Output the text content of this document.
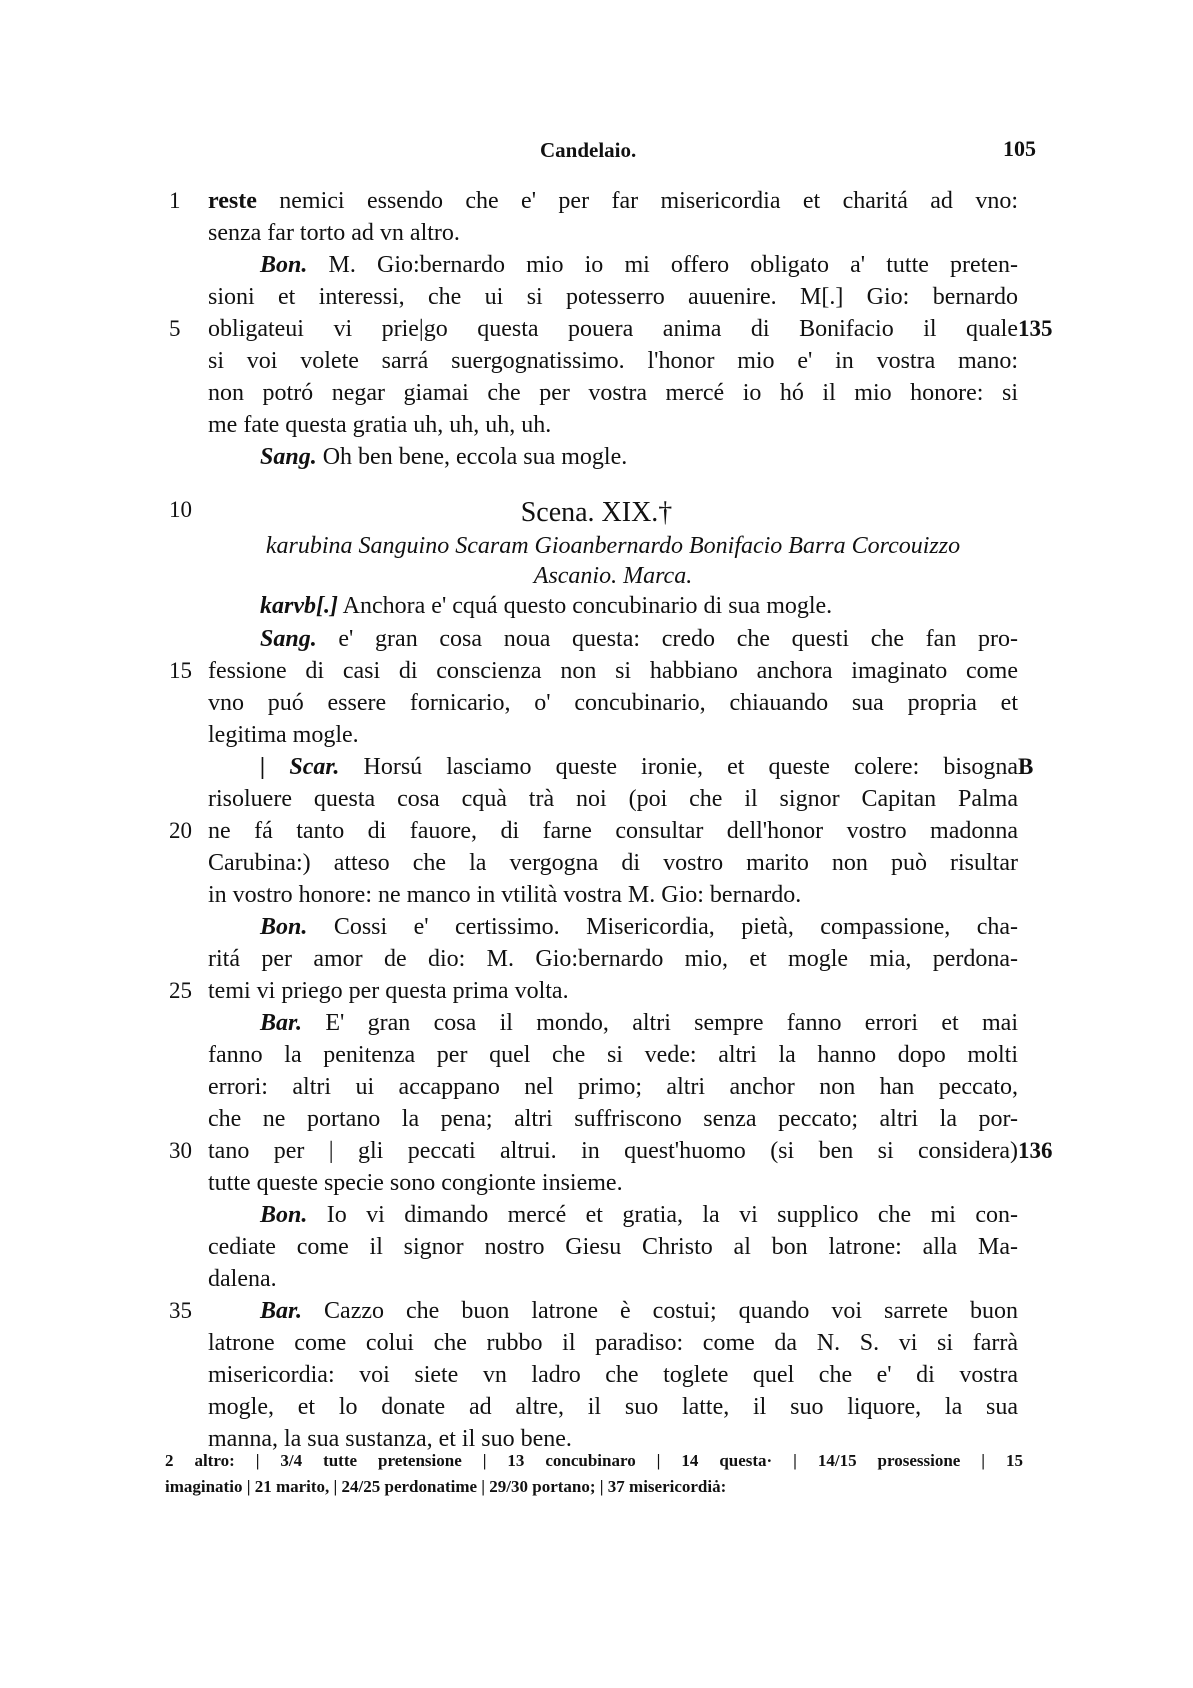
Candelaio.	105
1
5
10
15
20
25
30
35
135
B
136
reste nemici essendo che e' per far misericordia et charitá ad vno:
senza far torto ad vn altro.
Bon. M. Gio:bernardo mio io mi offero obligato a' tutte preten-
sioni et interessi, che ui si potesserro auuenire. M[.] Gio: bernardo
obligateui vi prie|go questa pouera anima di Bonifacio il quale
si voi volete sarrá suergognatissimo. l'honor mio e' in vostra mano:
non potró negar giamai che per vostra mercé io hó il mio honore: si
me fate questa gratia uh, uh, uh, uh.
Sang. Oh ben bene, eccola sua mogle.
Scena. XIX.†
karubina Sanguino Scaram Gioanbernardo Bonifacio Barra Corcouizzo
Ascanio. Marca.
karvb[.] Anchora e' cquá questo concubinario di sua mogle.
Sang. e' gran cosa noua questa: credo che questi che fan pro-
fessione di casi di conscienza non si habbiano anchora imaginato come
vno puó essere fornicario, o' concubinario, chiauando sua propria et
legitima mogle.
| Scar. Horsú lasciamo queste ironie, et queste colere: bisogna
risoluere questa cosa cquà trà noi (poi che il signor Capitan Palma
ne fá tanto di fauore, di farne consultar dell'honor vostro madonna
Carubina:) atteso che la vergogna di vostro marito non può risultar
in vostro honore: ne manco in vtilità vostra M. Gio: bernardo.
Bon. Cossi e' certissimo. Misericordia, pietà, compassione, cha-
ritá per amor de dio: M. Gio:bernardo mio, et mogle mia, perdona-
temi vi priego per questa prima volta.
Bar. E' gran cosa il mondo, altri sempre fanno errori et mai
fanno la penitenza per quel che si vede: altri la hanno dopo molti
errori: altri ui accappano nel primo; altri anchor non han peccato,
che ne portano la pena; altri suffriscono senza peccato; altri la por-
tano per | gli peccati altrui. in quest'huomo (si ben si considera)
tutte queste specie sono congionte insieme.
Bon. Io vi dimando mercé et gratia, la vi supplico che mi con-
cediate come il signor nostro Giesu Christo al bon latrone: alla Ma-
dalena.
Bar. Cazzo che buon latrone è costui; quando voi sarrete buon
latrone come colui che rubbo il paradiso: come da N. S. vi si farrà
misericordia: voi siete vn ladro che toglete quel che e' di vostra
mogle, et lo donate ad altre, il suo latte, il suo liquore, la sua
manna, la sua sustanza, et il suo bene.
2 altro: | 3/4 tutte pretensione | 13 concubinaro | 14 questa· | 14/15 prosessione | 15
imaginatio | 21 marito, | 24/25 perdonatime | 29/30 portano; | 37 misericordiȧ:
